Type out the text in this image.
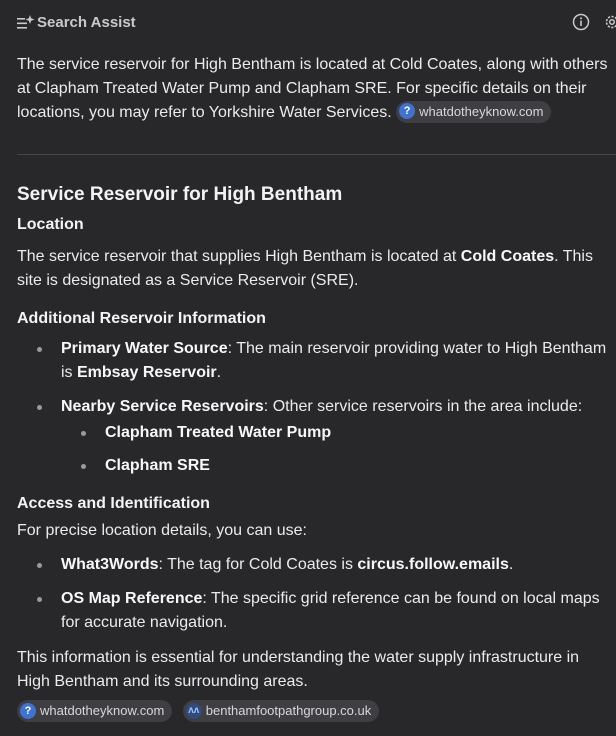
Search Assist
The service reservoir for High Bentham is located at Cold Coates, along with others at Clapham Treated Water Pump and Clapham SRE. For specific details on their locations, you may refer to Yorkshire Water Services. ? whatdotheyknow.com
Service Reservoir for High Bentham
Location

The service reservoir that supplies High Bentham is located at Cold Coates. This site is designated as a Service Reservoir (SRE).

Additional Reservoir Information
Primary Water Source: The main reservoir providing water to High Bentham is Embsay Reservoir.
Nearby Service Reservoirs: Other service reservoirs in the area include:
Clapham Treated Water Pump
Clapham SRE
Access and Identification

For precise location details, you can use:

What3Words: The tag for Cold Coates is circus.follow.emails.
OS Map Reference: The specific grid reference can be found on local maps for accurate navigation.

This information is essential for understanding the water supply infrastructure in High Bentham and its surrounding areas.

? whatdotheyknow.com ʌʌ benthamfootpathgroup.co.uk
